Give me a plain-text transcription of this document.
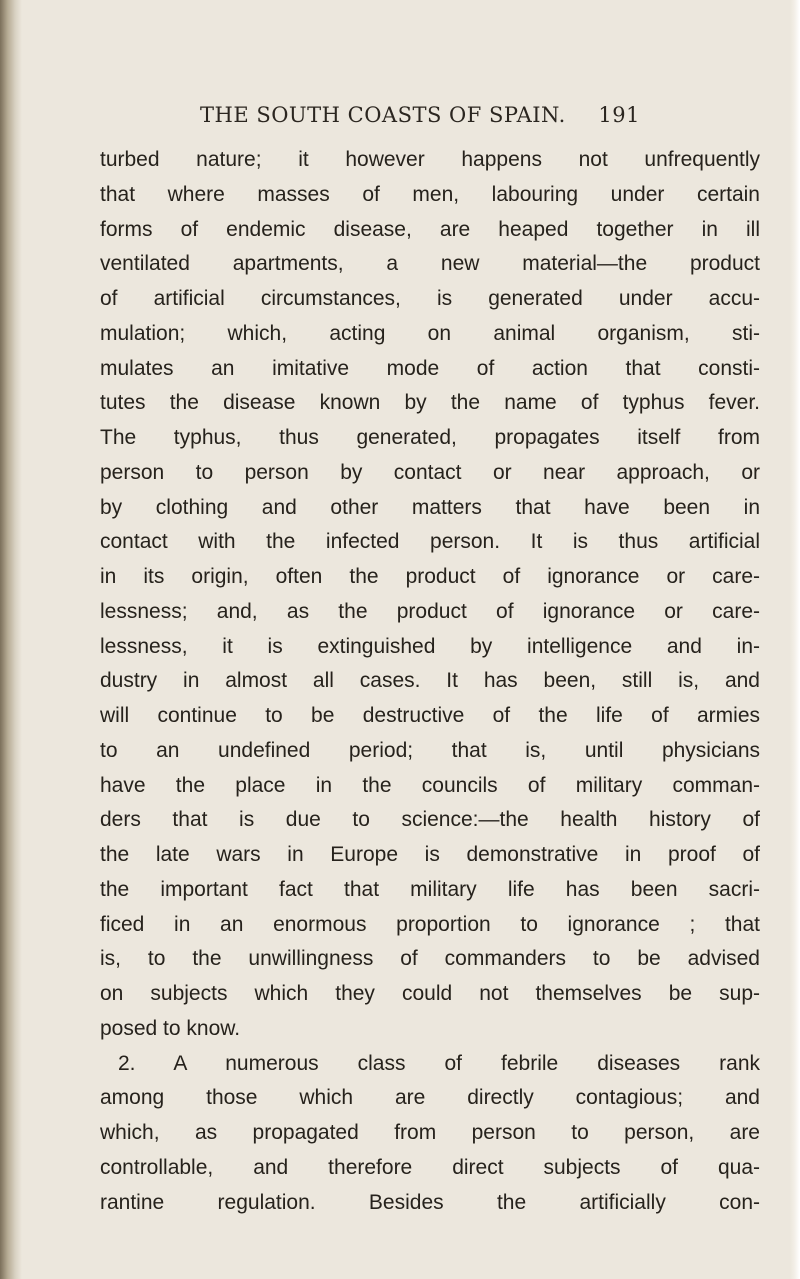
THE SOUTH COASTS OF SPAIN. 191
turbed nature; it however happens not unfrequently
that where masses of men, labouring under certain
forms of endemic disease, are heaped together in ill
ventilated apartments, a new material—the product
of artificial circumstances, is generated under accu-
mulation; which, acting on animal organism, sti-
mulates an imitative mode of action that consti-
tutes the disease known by the name of typhus fever.
The typhus, thus generated, propagates itself from
person to person by contact or near approach, or
by clothing and other matters that have been in
contact with the infected person. It is thus artificial
in its origin, often the product of ignorance or care-
lessness; and, as the product of ignorance or care-
lessness, it is extinguished by intelligence and in-
dustry in almost all cases. It has been, still is, and
will continue to be destructive of the life of armies
to an undefined period; that is, until physicians
have the place in the councils of military comman-
ders that is due to science:—the health history of
the late wars in Europe is demonstrative in proof of
the important fact that military life has been sacri-
ficed in an enormous proportion to ignorance ; that
is, to the unwillingness of commanders to be advised
on subjects which they could not themselves be sup-
posed to know.
2. A numerous class of febrile diseases rank
among those which are directly contagious; and
which, as propagated from person to person, are
controllable, and therefore direct subjects of qua-
rantine regulation. Besides the artificially con-
